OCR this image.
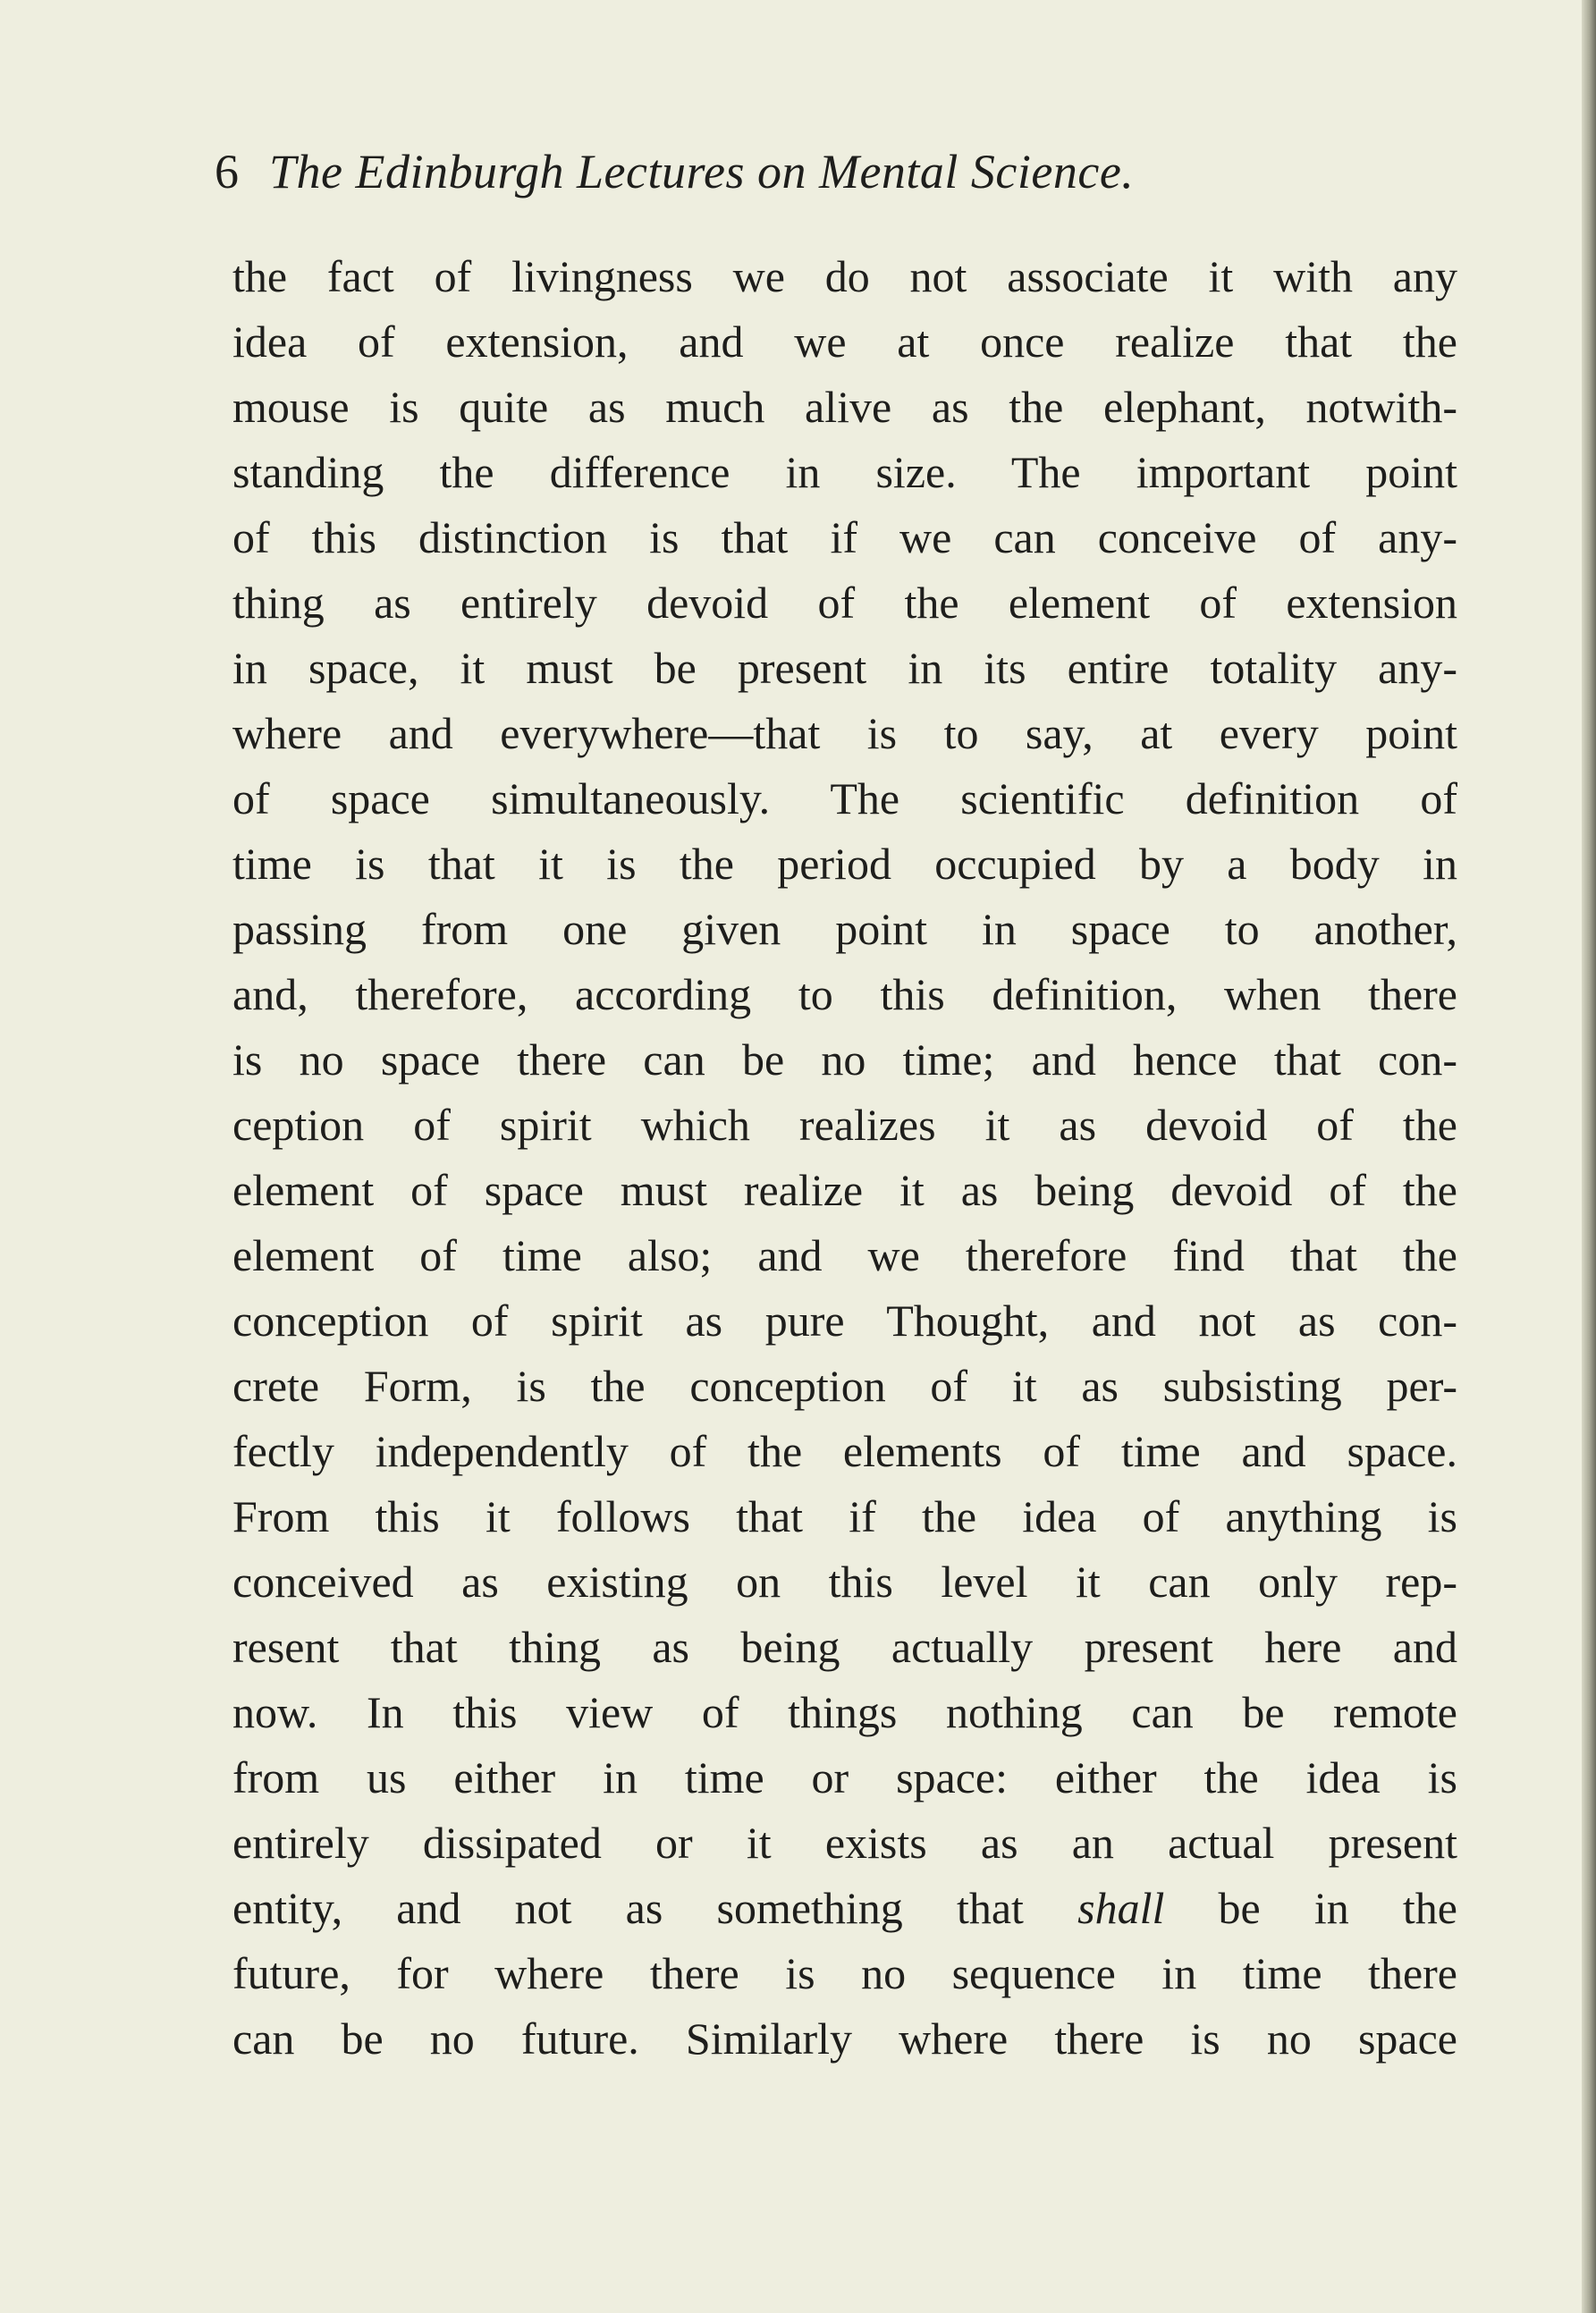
6 The Edinburgh Lectures on Mental Science.
the fact of livingness we do not associate it with any
idea of extension, and we at once realize that the
mouse is quite as much alive as the elephant, notwith-
standing the difference in size. The important point
of this distinction is that if we can conceive of any-
thing as entirely devoid of the element of extension
in space, it must be present in its entire totality any-
where and everywhere—that is to say, at every point
of space simultaneously. The scientific definition of
time is that it is the period occupied by a body in
passing from one given point in space to another,
and, therefore, according to this definition, when there
is no space there can be no time; and hence that con-
ception of spirit which realizes it as devoid of the
element of space must realize it as being devoid of the
element of time also; and we therefore find that the
conception of spirit as pure Thought, and not as con-
crete Form, is the conception of it as subsisting per-
fectly independently of the elements of time and space.
From this it follows that if the idea of anything is
conceived as existing on this level it can only rep-
resent that thing as being actually present here and
now. In this view of things nothing can be remote
from us either in time or space: either the idea is
entirely dissipated or it exists as an actual present
entity, and not as something that shall be in the
future, for where there is no sequence in time there
can be no future. Similarly where there is no space
